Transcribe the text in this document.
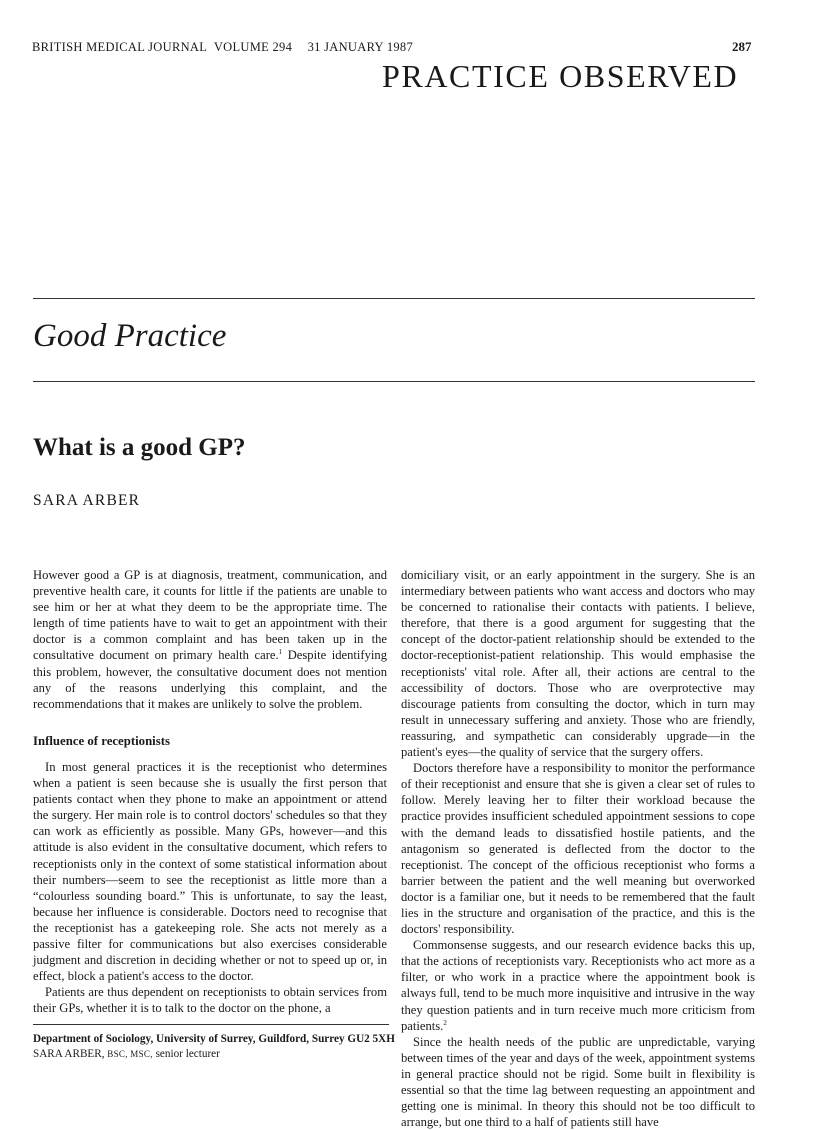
BRITISH MEDICAL JOURNAL VOLUME 294 31 JANUARY 1987	287
PRACTICE OBSERVED
Good Practice
What is a good GP?
SARA ARBER

However good a GP is at diagnosis, treatment, communication, and preventive health care, it counts for little if the patients are unable to see him or her at what they deem to be the appropriate time. The length of time patients have to wait to get an appointment with their doctor is a common complaint and has been taken up in the consultative document on primary health care.$^1$ Despite identifying this problem, however, the consultative document does not mention any of the reasons underlying this complaint, and the recommendations that it makes are unlikely to solve the problem.

Influence of receptionists

In most general practices it is the receptionist who determines when a patient is seen because she is usually the first person that patients contact when they phone to make an appointment or attend the surgery. Her main role is to control doctors' schedules so that they can work as efficiently as possible. Many GPs, however—and this attitude is also evident in the consultative document, which refers to receptionists only in the context of some statistical information about their numbers—seem to see the receptionist as little more than a “colourless sounding board.” This is unfortunate, to say the least, because her influence is considerable. Doctors need to recognise that the receptionist has a gatekeeping role. She acts not merely as a passive filter for communications but also exercises considerable judgment and discretion in deciding whether or not to speed up or, in effect, block a patient's access to the doctor.

Patients are thus dependent on receptionists to obtain services from their GPs, whether it is to talk to the doctor on the phone, a

domiciliary visit, or an early appointment in the surgery. She is an intermediary between patients who want access and doctors who may be concerned to rationalise their contacts with patients. I believe, therefore, that there is a good argument for suggesting that the concept of the doctor-patient relationship should be extended to the doctor-receptionist-patient relationship. This would emphasise the receptionists' vital role. After all, their actions are central to the accessibility of doctors. Those who are overprotective may discourage patients from consulting the doctor, which in turn may result in unnecessary suffering and anxiety. Those who are friendly, reassuring, and sympathetic can considerably upgrade—in the patient's eyes—the quality of service that the surgery offers.

Doctors therefore have a responsibility to monitor the performance of their receptionist and ensure that she is given a clear set of rules to follow. Merely leaving her to filter their workload because the practice provides insufficient scheduled appointment sessions to cope with the demand leads to dissatisfied hostile patients, and the antagonism so generated is deflected from the doctor to the receptionist. The concept of the officious receptionist who forms a barrier between the patient and the well meaning but overworked doctor is a familiar one, but it needs to be remembered that the fault lies in the structure and organisation of the practice, and this is the doctors' responsibility.

Commonsense suggests, and our research evidence backs this up, that the actions of receptionists vary. Receptionists who act more as a filter, or who work in a practice where the appointment book is always full, tend to be much more inquisitive and intrusive in the way they question patients and in turn receive much more criticism from patients.$^2$

Since the health needs of the public are unpredictable, varying between times of the year and days of the week, appointment systems in general practice should not be rigid. Some built in flexibility is essential so that the time lag between requesting an appointment and getting one is minimal. In theory this should not be too difficult to arrange, but one third to a half of patients still have

Department of Sociology, University of Surrey, Guildford, Surrey GU2 5XH
SARA ARBER, BSC, MSC, senior lecturer
